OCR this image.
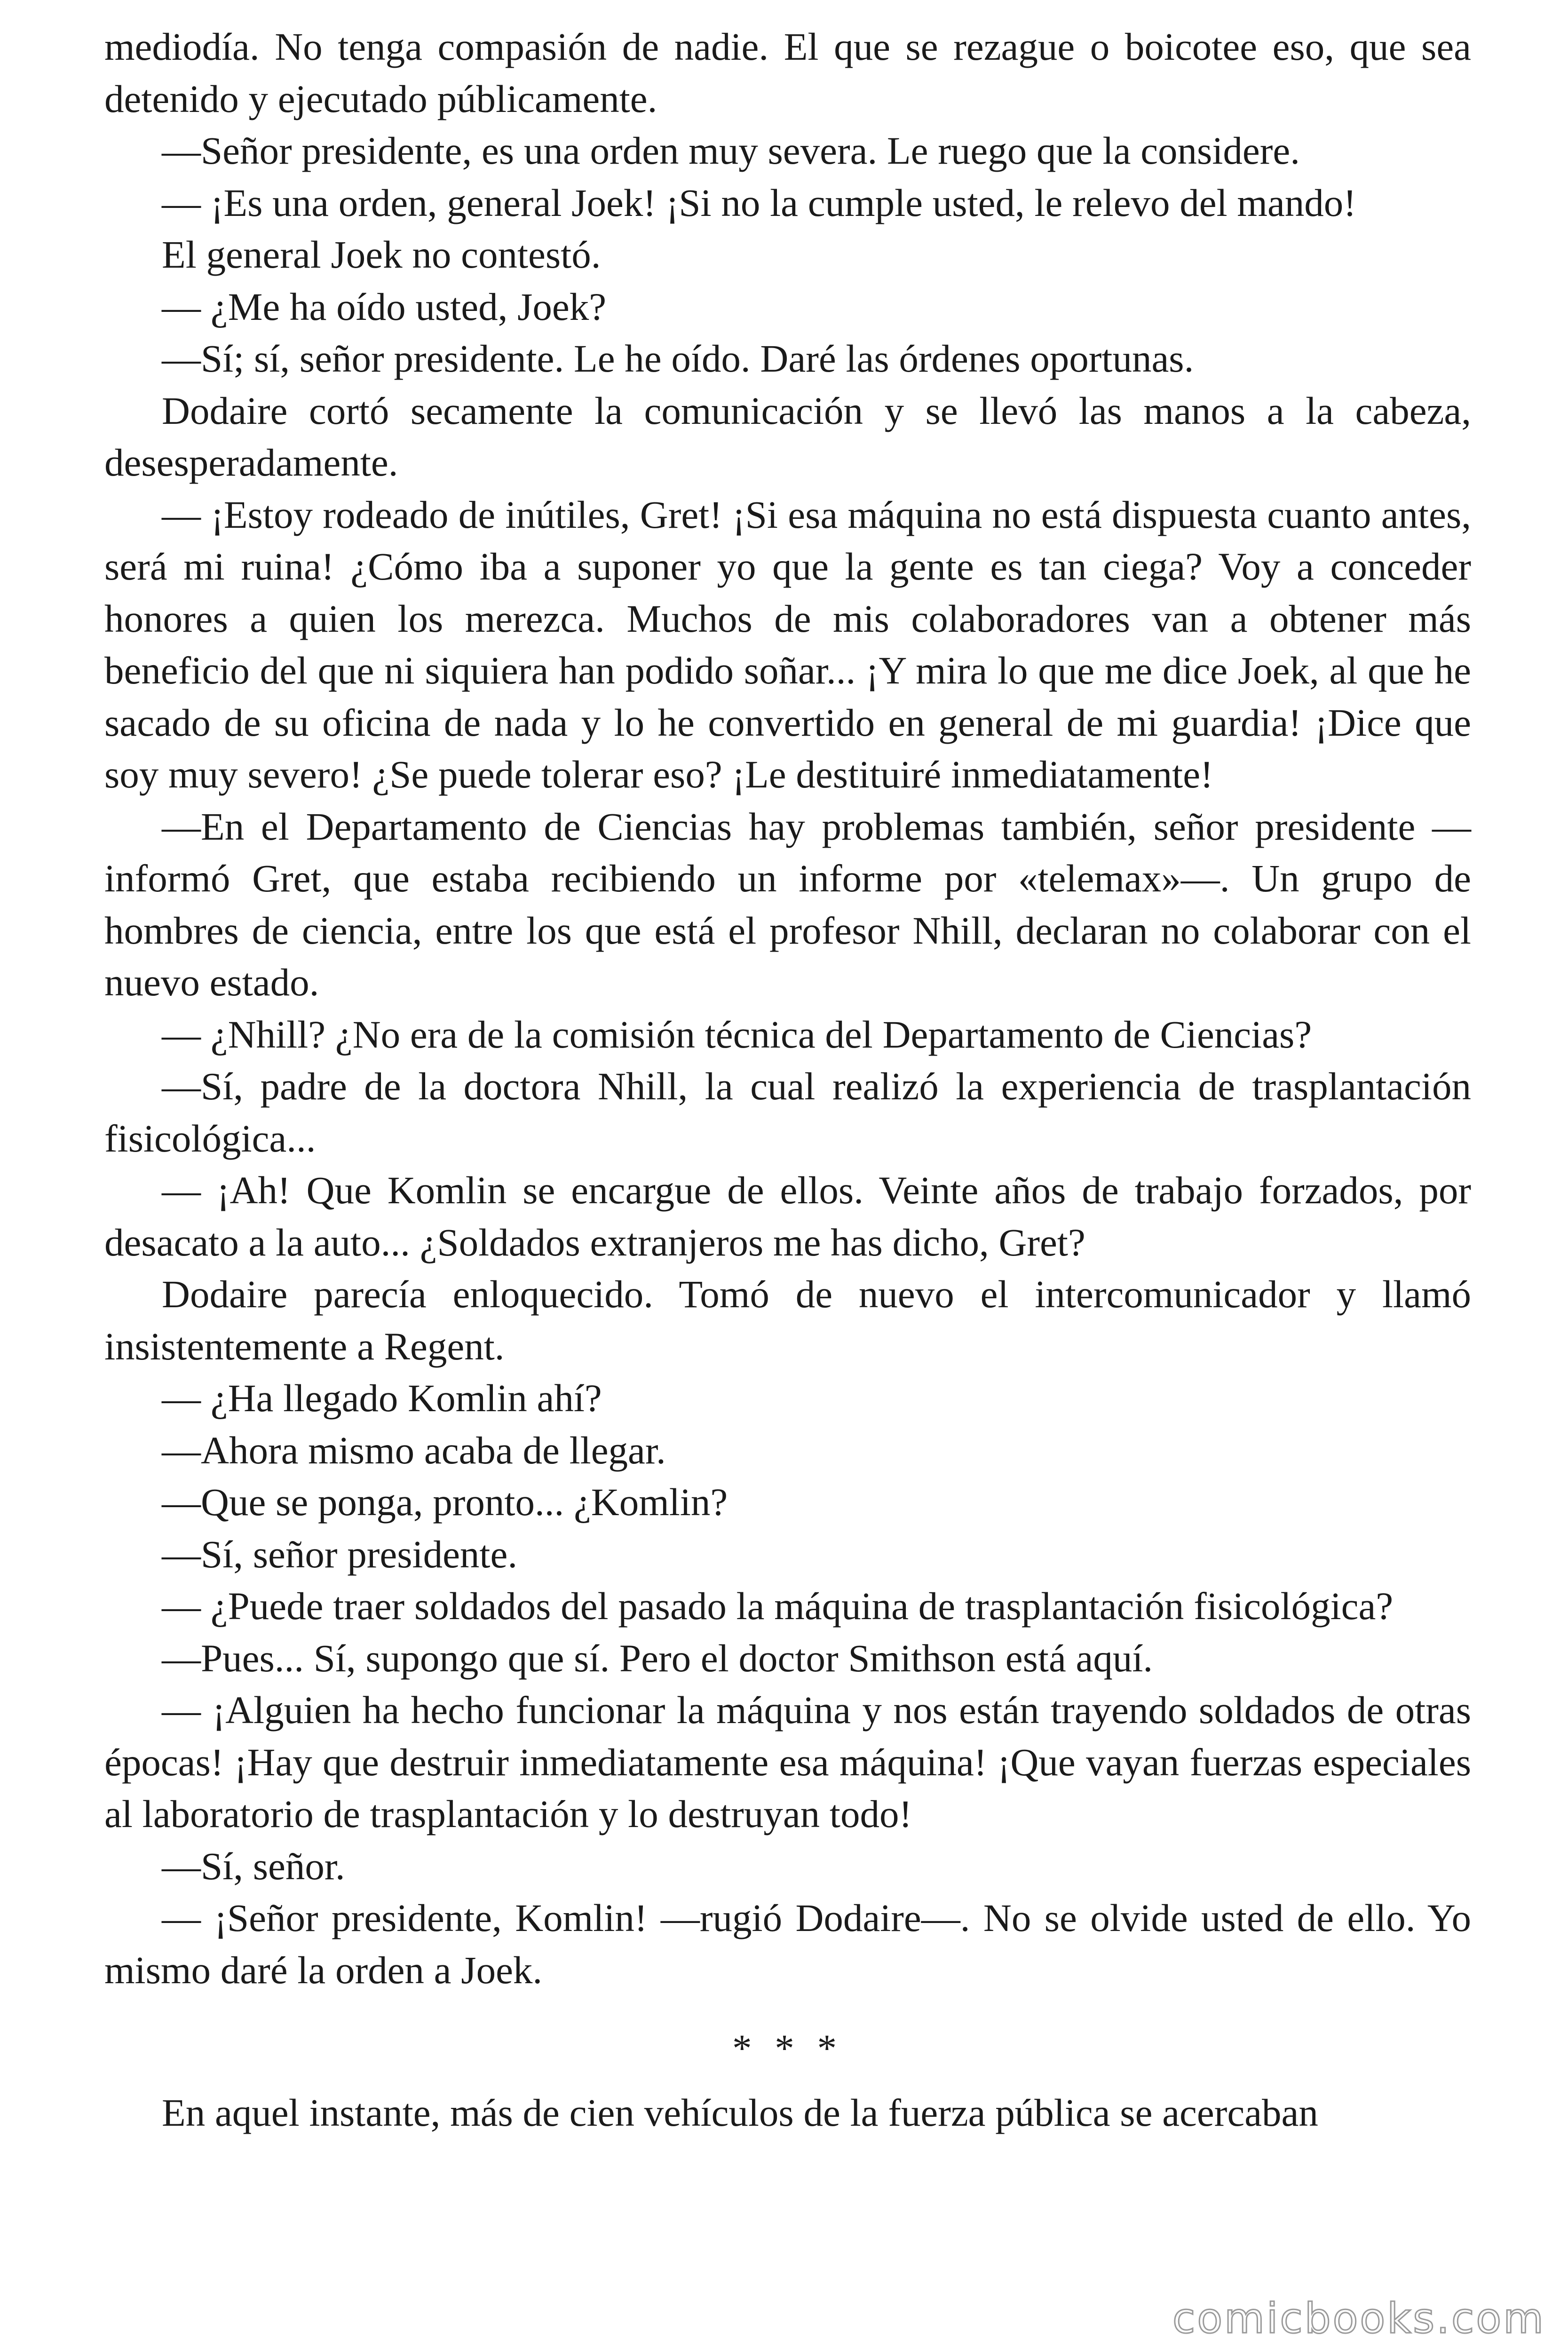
mediodía. No tenga compasión de nadie. El que se rezague o boicotee eso, que sea detenido y ejecutado públicamente.

—Señor presidente, es una orden muy severa. Le ruego que la considere.

— ¡Es una orden, general Joek! ¡Si no la cumple usted, le relevo del mando!

El general Joek no contestó.

— ¿Me ha oído usted, Joek?

—Sí; sí, señor presidente. Le he oído. Daré las órdenes oportunas.

Dodaire cortó secamente la comunicación y se llevó las manos a la cabeza, desesperadamente.

— ¡Estoy rodeado de inútiles, Gret! ¡Si esa máquina no está dispuesta cuanto antes, será mi ruina! ¿Cómo iba a suponer yo que la gente es tan ciega? Voy a conceder honores a quien los merezca. Muchos de mis colaboradores van a obtener más beneficio del que ni siquiera han podido soñar... ¡Y mira lo que me dice Joek, al que he sacado de su oficina de nada y lo he convertido en general de mi guardia! ¡Dice que soy muy severo! ¿Se puede tolerar eso? ¡Le destituiré inmediatamente!

—En el Departamento de Ciencias hay problemas también, señor presidente —informó Gret, que estaba recibiendo un informe por «telemax»—. Un grupo de hombres de ciencia, entre los que está el profesor Nhill, declaran no colaborar con el nuevo estado.

— ¿Nhill? ¿No era de la comisión técnica del Departamento de Ciencias?

—Sí, padre de la doctora Nhill, la cual realizó la experiencia de trasplantación fisicológica...

— ¡Ah! Que Komlin se encargue de ellos. Veinte años de trabajo forzados, por desacato a la auto... ¿Soldados extranjeros me has dicho, Gret?

Dodaire parecía enloquecido. Tomó de nuevo el intercomunicador y llamó insistentemente a Regent.

— ¿Ha llegado Komlin ahí?

—Ahora mismo acaba de llegar.

—Que se ponga, pronto... ¿Komlin?

—Sí, señor presidente.

— ¿Puede traer soldados del pasado la máquina de trasplantación fisicológica?

—Pues... Sí, supongo que sí. Pero el doctor Smithson está aquí.

— ¡Alguien ha hecho funcionar la máquina y nos están trayendo soldados de otras épocas! ¡Hay que destruir inmediatamente esa máquina! ¡Que vayan fuerzas especiales al laboratorio de trasplantación y lo destruyan todo!

—Sí, señor.

— ¡Señor presidente, Komlin! —rugió Dodaire—. No se olvide usted de ello. Yo mismo daré la orden a Joek.

* * *

En aquel instante, más de cien vehículos de la fuerza pública se acercaban

comicbooks.com
